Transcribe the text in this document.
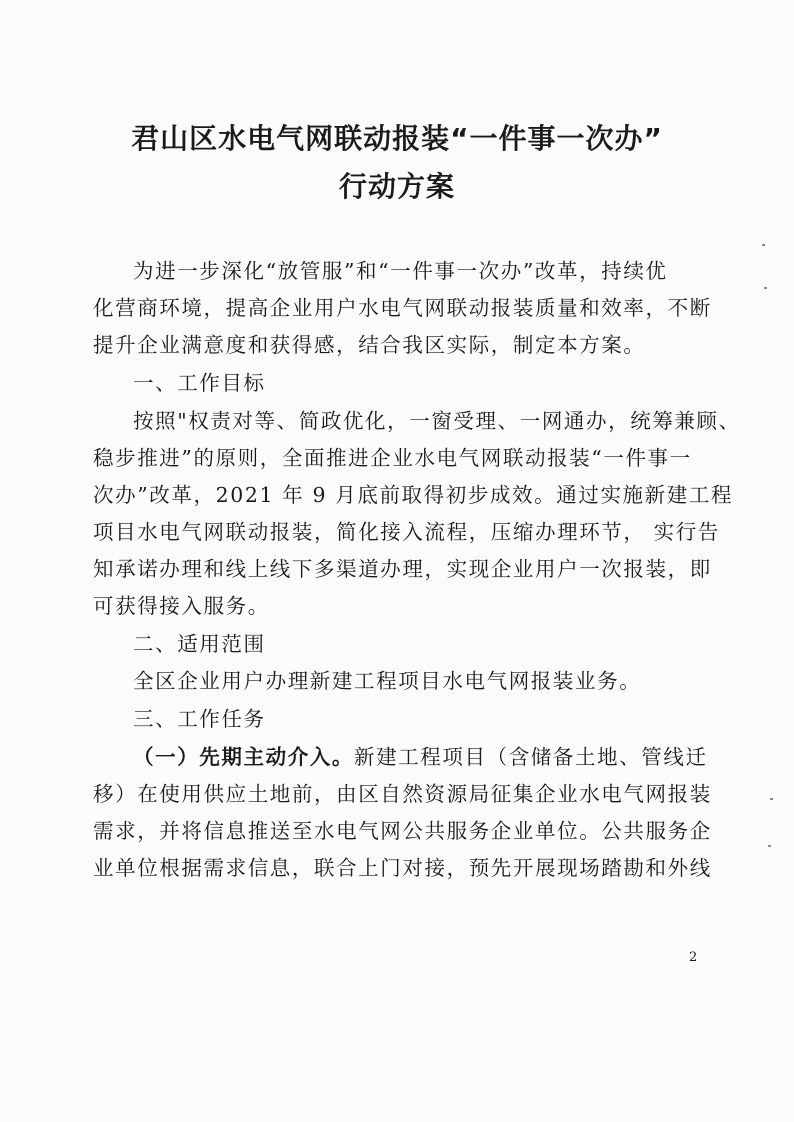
君山区水电气网联动报装“一件事一次办”
行动方案
为进一步深化“放管服”和“一件事一次办”改革，持续优
化营商环境，提高企业用户水电气网联动报装质量和效率，不断
提升企业满意度和获得感，结合我区实际，制定本方案。
一、工作目标
按照"权责对等、简政优化，一窗受理、一网通办，统筹兼顾、
稳步推进”的原则，全面推进企业水电气网联动报装“一件事一
次办”改革，2021 年 9 月底前取得初步成效。通过实施新建工程
项目水电气网联动报装，简化接入流程，压缩办理环节， 实行告
知承诺办理和线上线下多渠道办理，实现企业用户一次报装，即
可获得接入服务。
二、适用范围
全区企业用户办理新建工程项目水电气网报装业务。
三、工作任务
（一）先期主动介入。新建工程项目（含储备土地、管线迁
移）在使用供应土地前，由区自然资源局征集企业水电气网报装
需求，并将信息推送至水电气网公共服务企业单位。公共服务企
业单位根据需求信息，联合上门对接，预先开展现场踏勘和外线
2
